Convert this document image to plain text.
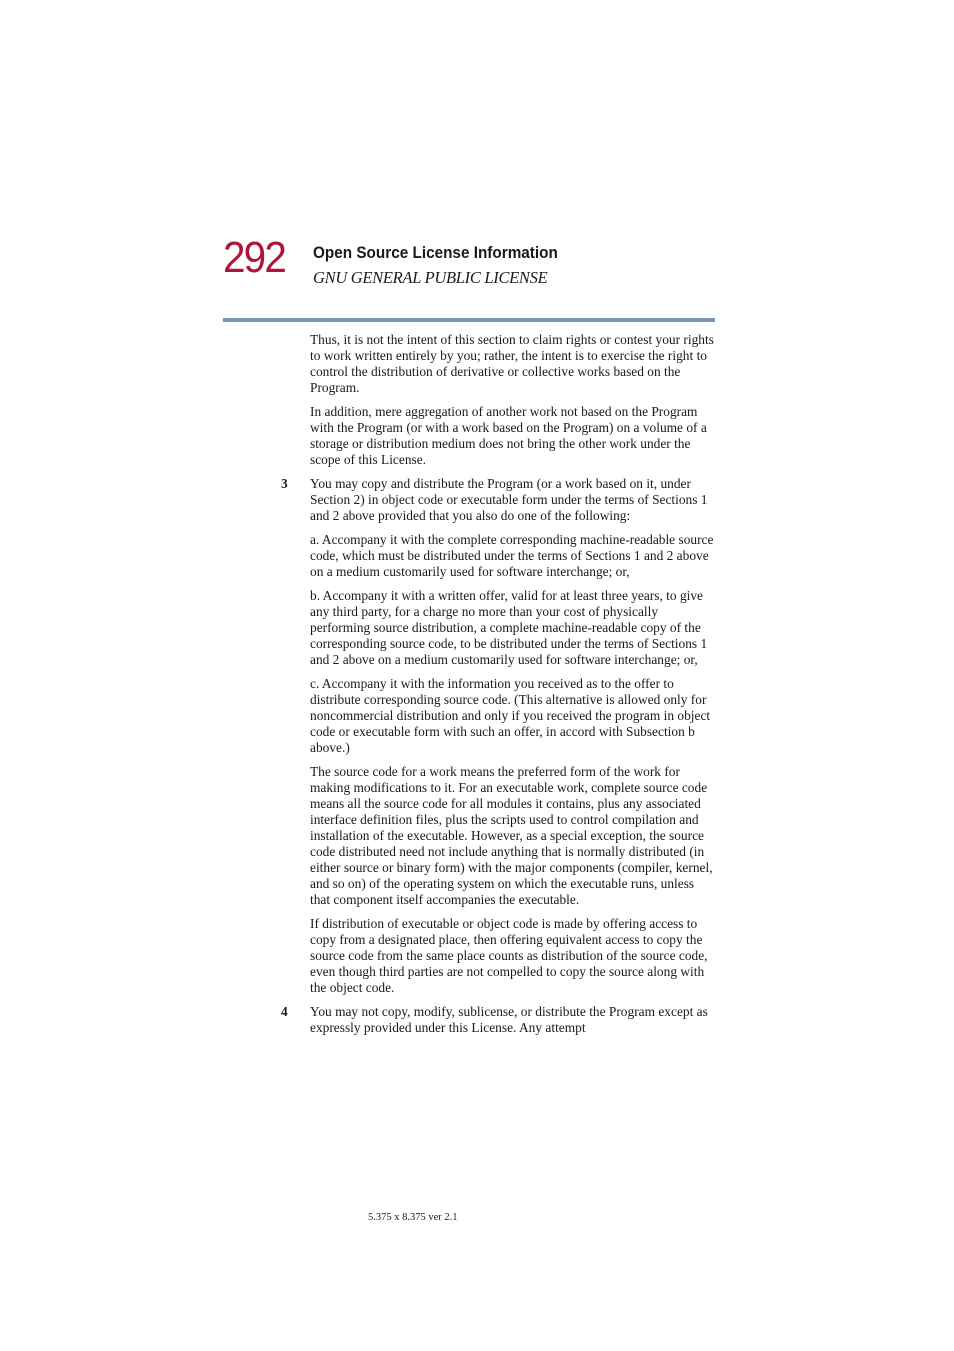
292 Open Source License Information
GNU GENERAL PUBLIC LICENSE

Thus, it is not the intent of this section to claim rights or contest your rights to work written entirely by you; rather, the intent is to exercise the right to control the distribution of derivative or collective works based on the Program.

In addition, mere aggregation of another work not based on the Program with the Program (or with a work based on the Program) on a volume of a storage or distribution medium does not bring the other work under the scope of this License.

3 You may copy and distribute the Program (or a work based on it, under Section 2) in object code or executable form under the terms of Sections 1 and 2 above provided that you also do one of the following:

a. Accompany it with the complete corresponding machine-readable source code, which must be distributed under the terms of Sections 1 and 2 above on a medium customarily used for software interchange; or,

b. Accompany it with a written offer, valid for at least three years, to give any third party, for a charge no more than your cost of physically performing source distribution, a complete machine-readable copy of the corresponding source code, to be distributed under the terms of Sections 1 and 2 above on a medium customarily used for software interchange; or,

c. Accompany it with the information you received as to the offer to distribute corresponding source code. (This alternative is allowed only for noncommercial distribution and only if you received the program in object code or executable form with such an offer, in accord with Subsection b above.)

The source code for a work means the preferred form of the work for making modifications to it. For an executable work, complete source code means all the source code for all modules it contains, plus any associated interface definition files, plus the scripts used to control compilation and installation of the executable. However, as a special exception, the source code distributed need not include anything that is normally distributed (in either source or binary form) with the major components (compiler, kernel, and so on) of the operating system on which the executable runs, unless that component itself accompanies the executable.

If distribution of executable or object code is made by offering access to copy from a designated place, then offering equivalent access to copy the source code from the same place counts as distribution of the source code, even though third parties are not compelled to copy the source along with the object code.

4 You may not copy, modify, sublicense, or distribute the Program except as expressly provided under this License. Any attempt

5.375 x 8.375 ver 2.1
